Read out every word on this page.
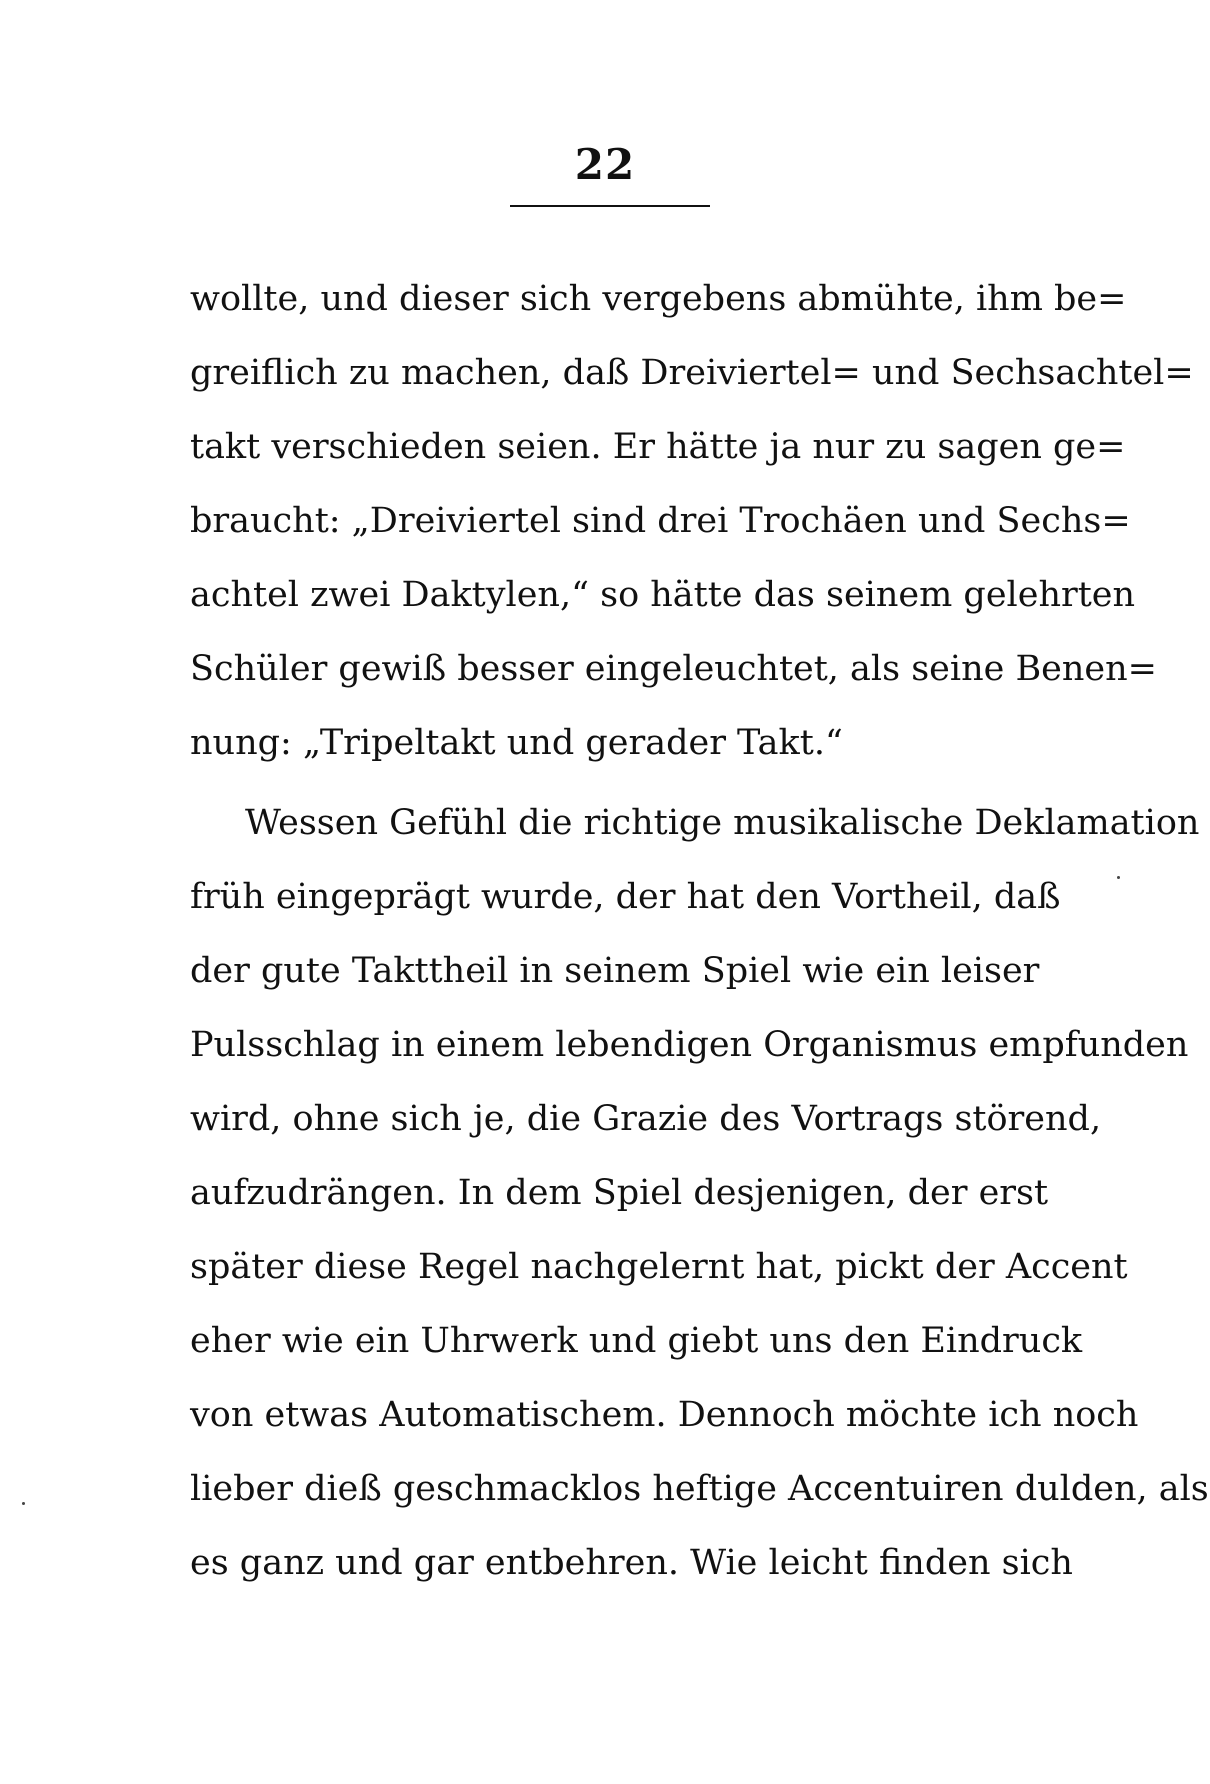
22
wollte, und dieser sich vergebens abmühte, ihm be=
greiflich zu machen, daß Dreiviertel= und Sechsachtel=
takt verschieden seien. Er hätte ja nur zu sagen ge=
braucht: „Dreiviertel sind drei Trochäen und Sechs=
achtel zwei Daktylen,“ so hätte das seinem gelehrten
Schüler gewiß besser eingeleuchtet, als seine Benen=
nung: „Tripeltakt und gerader Takt.“
Wessen Gefühl die richtige musikalische Deklamation
früh eingeprägt wurde, der hat den Vortheil, daß
der gute Takttheil in seinem Spiel wie ein leiser
Pulsschlag in einem lebendigen Organismus empfunden
wird, ohne sich je, die Grazie des Vortrags störend,
aufzudrängen. In dem Spiel desjenigen, der erst
später diese Regel nachgelernt hat, pickt der Accent
eher wie ein Uhrwerk und giebt uns den Eindruck
von etwas Automatischem. Dennoch möchte ich noch
lieber dieß geschmacklos heftige Accentuiren dulden, als
es ganz und gar entbehren. Wie leicht finden sich
